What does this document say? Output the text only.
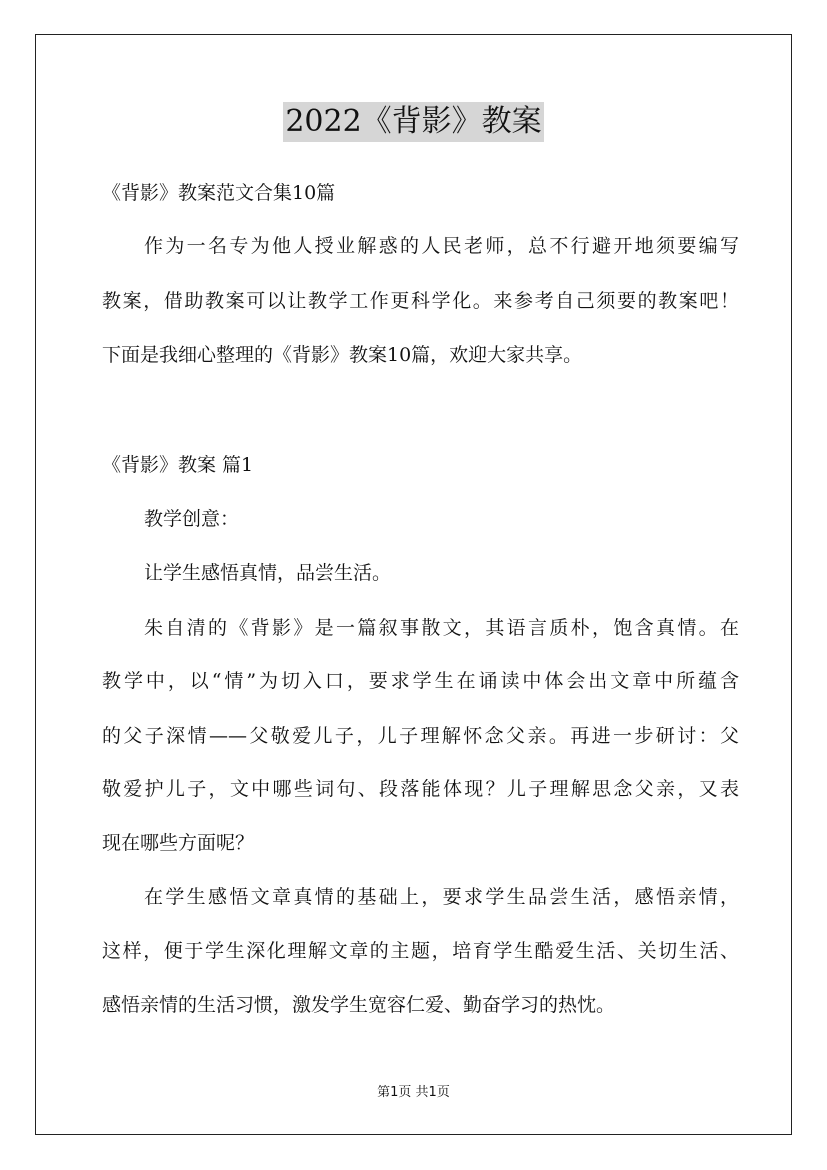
2022《背影》教案
《背影》教案范文合集10篇
作为一名专为他人授业解惑的人民老师，总不行避开地须要编写
教案，借助教案可以让教学工作更科学化。来参考自己须要的教案吧！
下面是我细心整理的《背影》教案10篇，欢迎大家共享。
《背影》教案 篇1
教学创意：
让学生感悟真情，品尝生活。
朱自清的《背影》是一篇叙事散文，其语言质朴，饱含真情。在
教学中，以“情”为切入口，要求学生在诵读中体会出文章中所蕴含
的父子深情——父敬爱儿子，儿子理解怀念父亲。再进一步研讨：父
敬爱护儿子，文中哪些词句、段落能体现？儿子理解思念父亲，又表
现在哪些方面呢？
在学生感悟文章真情的基础上，要求学生品尝生活，感悟亲情，
这样，便于学生深化理解文章的主题，培育学生酷爱生活、关切生活、
感悟亲情的生活习惯，激发学生宽容仁爱、勤奋学习的热忱。
第1页 共1页
